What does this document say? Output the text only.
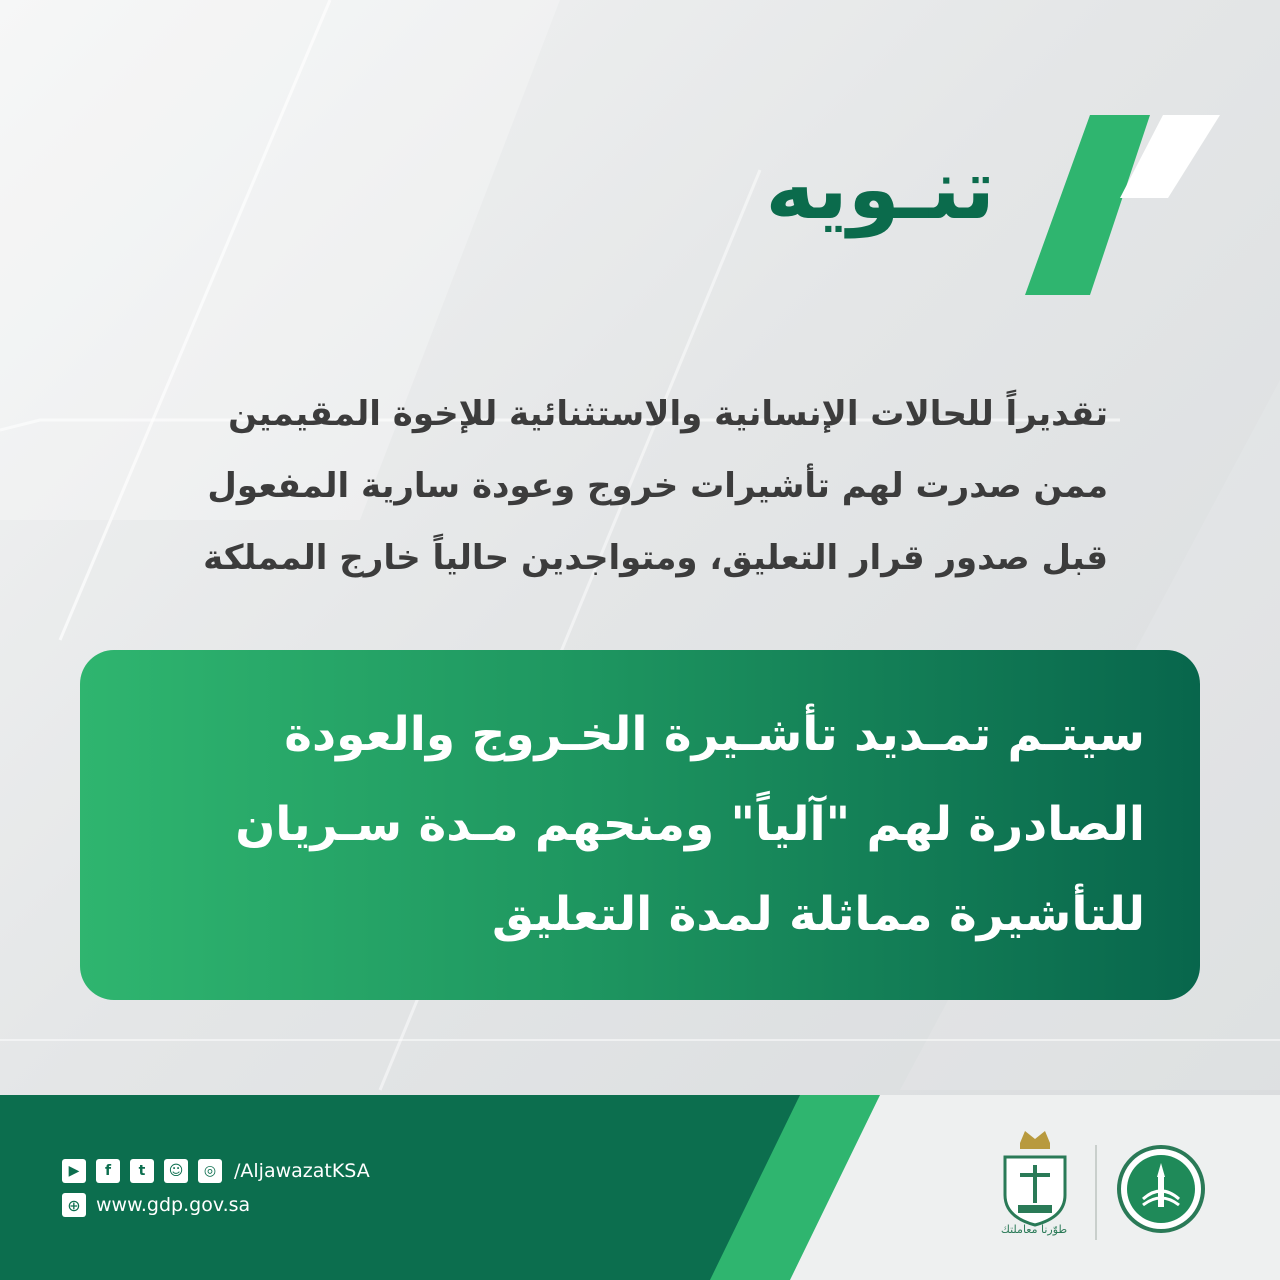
تنـويه
تقديراً للحالات الإنسانية والاستثنائية للإخوة المقيمين
ممن صدرت لهم تأشيرات خروج وعودة سارية المفعول
قبل صدور قرار التعليق، ومتواجدين حالياً خارج المملكة
سيتـم تمـديد تأشـيرة الخـروج والعودة
الصادرة لهم "آلياً" ومنحهم مـدة سـريان
للتأشيرة مماثلة لمدة التعليق
▶	f	t	☺	◎ /AljawazatKSA
⊕ www.gdp.gov.sa
طوّرنا معاملتك
